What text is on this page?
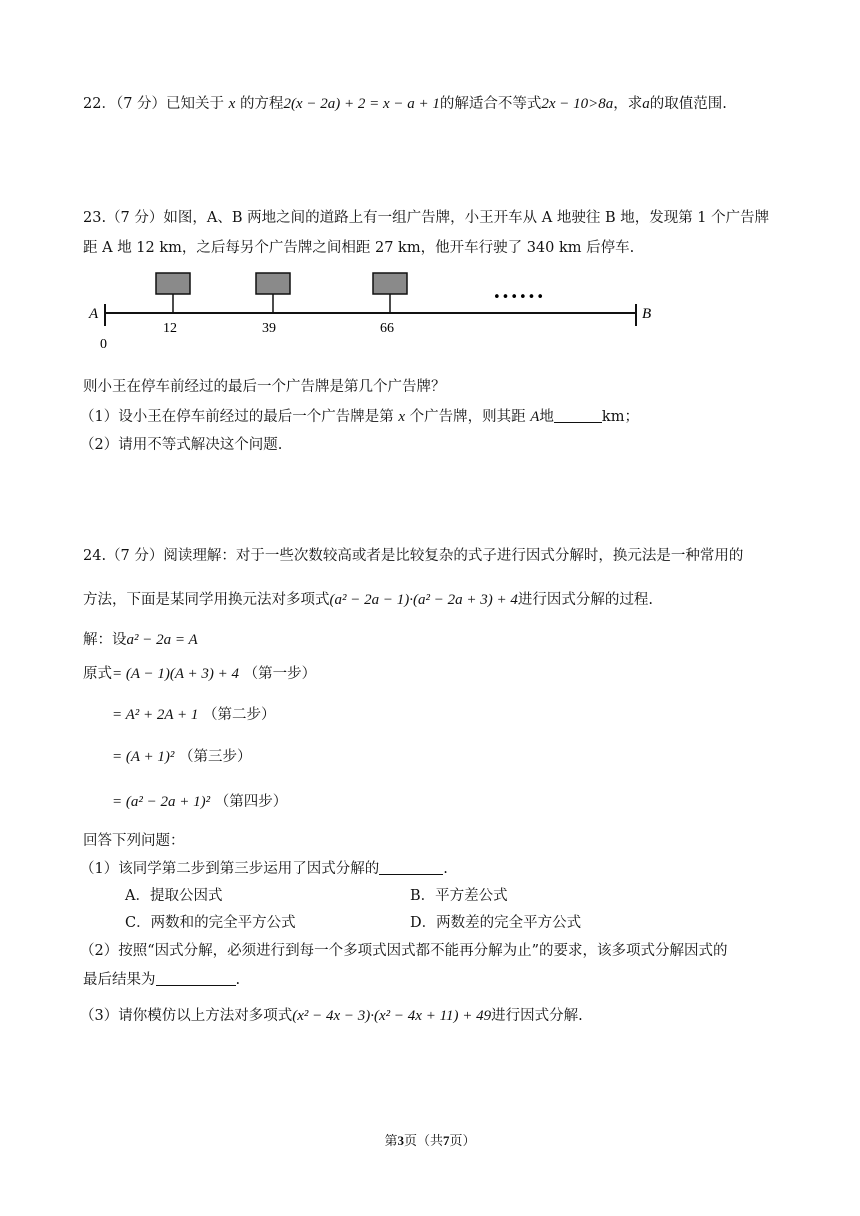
22．（7 分）已知关于 x 的方程2(x − 2a) + 2 = x − a + 1的解适合不等式2x − 10>8a，求a的取值范围.
23.（7 分）如图，A、B 两地之间的道路上有一组广告牌，小王开车从 A 地驶往 B 地，发现第 1 个广告牌
距 A 地 12 km，之后每另个广告牌之间相距 27 km，他开车行驶了 340 km 后停车.
A	B
0
12	39	66
••••••
则小王在停车前经过的最后一个广告牌是第几个广告牌？
（1）设小王在停车前经过的最后一个广告牌是第 x 个广告牌，则其距 A地	km；
（2）请用不等式解决这个问题.
24.（7 分）阅读理解：对于一些次数较高或者是比较复杂的式子进行因式分解时，换元法是一种常用的
方法，下面是某同学用换元法对多项式(a² − 2a − 1)·(a² − 2a + 3) + 4进行因式分解的过程.
解：设a² − 2a = A
原式= (A − 1)(A + 3) + 4 （第一步）
= A² + 2A + 1 （第二步）
= (A + 1)² （第三步）
= (a² − 2a + 1)² （第四步）
回答下列问题：
（1）该同学第二步到第三步运用了因式分解的	.
A．提取公因式	B．平方差公式
C．两数和的完全平方公式	D．两数差的完全平方公式
（2）按照“因式分解，必须进行到每一个多项式因式都不能再分解为止”的要求，该多项式分解因式的
最后结果为	.
（3）请你模仿以上方法对多项式(x² − 4x − 3)·(x² − 4x + 11) + 49进行因式分解.
第3页（共7页）
